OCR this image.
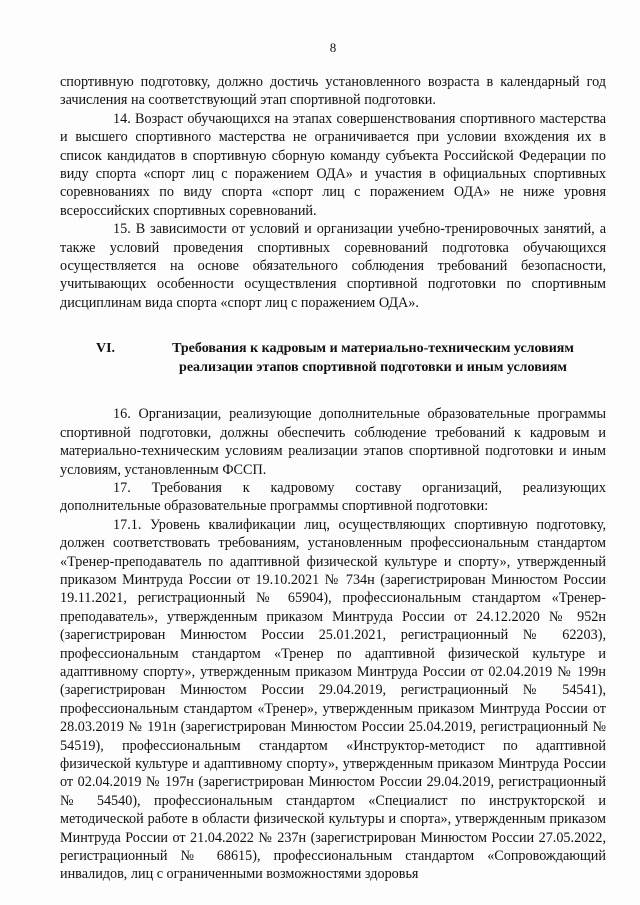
8

спортивную подготовку, должно достичь установленного возраста в календарный год зачисления на соответствующий этап спортивной подготовки.

14. Возраст обучающихся на этапах совершенствования спортивного мастерства и высшего спортивного мастерства не ограничивается при условии вхождения их в список кандидатов в спортивную сборную команду субъекта Российской Федерации по виду спорта «спорт лиц с поражением ОДА» и участия в официальных спортивных соревнованиях по виду спорта «спорт лиц с поражением ОДА» не ниже уровня всероссийских спортивных соревнований.

15. В зависимости от условий и организации учебно-тренировочных занятий, а также условий проведения спортивных соревнований подготовка обучающихся осуществляется на основе обязательного соблюдения требований безопасности, учитывающих особенности осуществления спортивной подготовки по спортивным дисциплинам вида спорта «спорт лиц с поражением ОДА».

VI.	Требования к кадровым и материально-техническим условиям
реализации этапов спортивной подготовки и иным условиям

16. Организации, реализующие дополнительные образовательные программы спортивной подготовки, должны обеспечить соблюдение требований к кадровым и материально-техническим условиям реализации этапов спортивной подготовки и иным условиям, установленным ФССП.

17. Требования к кадровому составу организаций, реализующих дополнительные образовательные программы спортивной подготовки:

17.1. Уровень квалификации лиц, осуществляющих спортивную подготовку, должен соответствовать требованиям, установленным профессиональным стандартом «Тренер-преподаватель по адаптивной физической культуре и спорту», утвержденный приказом Минтруда России от 19.10.2021 № 734н (зарегистрирован Минюстом России 19.11.2021, регистрационный № 65904), профессиональным стандартом «Тренер-преподаватель», утвержденным приказом Минтруда России от 24.12.2020 № 952н (зарегистрирован Минюстом России 25.01.2021, регистрационный № 62203), профессиональным стандартом «Тренер по адаптивной физической культуре и адаптивному спорту», утвержденным приказом Минтруда России от 02.04.2019 № 199н (зарегистрирован Минюстом России 29.04.2019, регистрационный № 54541), профессиональным стандартом «Тренер», утвержденным приказом Минтруда России от 28.03.2019 № 191н (зарегистрирован Минюстом России 25.04.2019, регистрационный № 54519), профессиональным стандартом «Инструктор-методист по адаптивной физической культуре и адаптивному спорту», утвержденным приказом Минтруда России от 02.04.2019 № 197н (зарегистрирован Минюстом России 29.04.2019, регистрационный № 54540), профессиональным стандартом «Специалист по инструкторской и методической работе в области физической культуры и спорта», утвержденным приказом Минтруда России от 21.04.2022 № 237н (зарегистрирован Минюстом России 27.05.2022, регистрационный № 68615), профессиональным стандартом «Сопровождающий инвалидов, лиц с ограниченными возможностями здоровья
